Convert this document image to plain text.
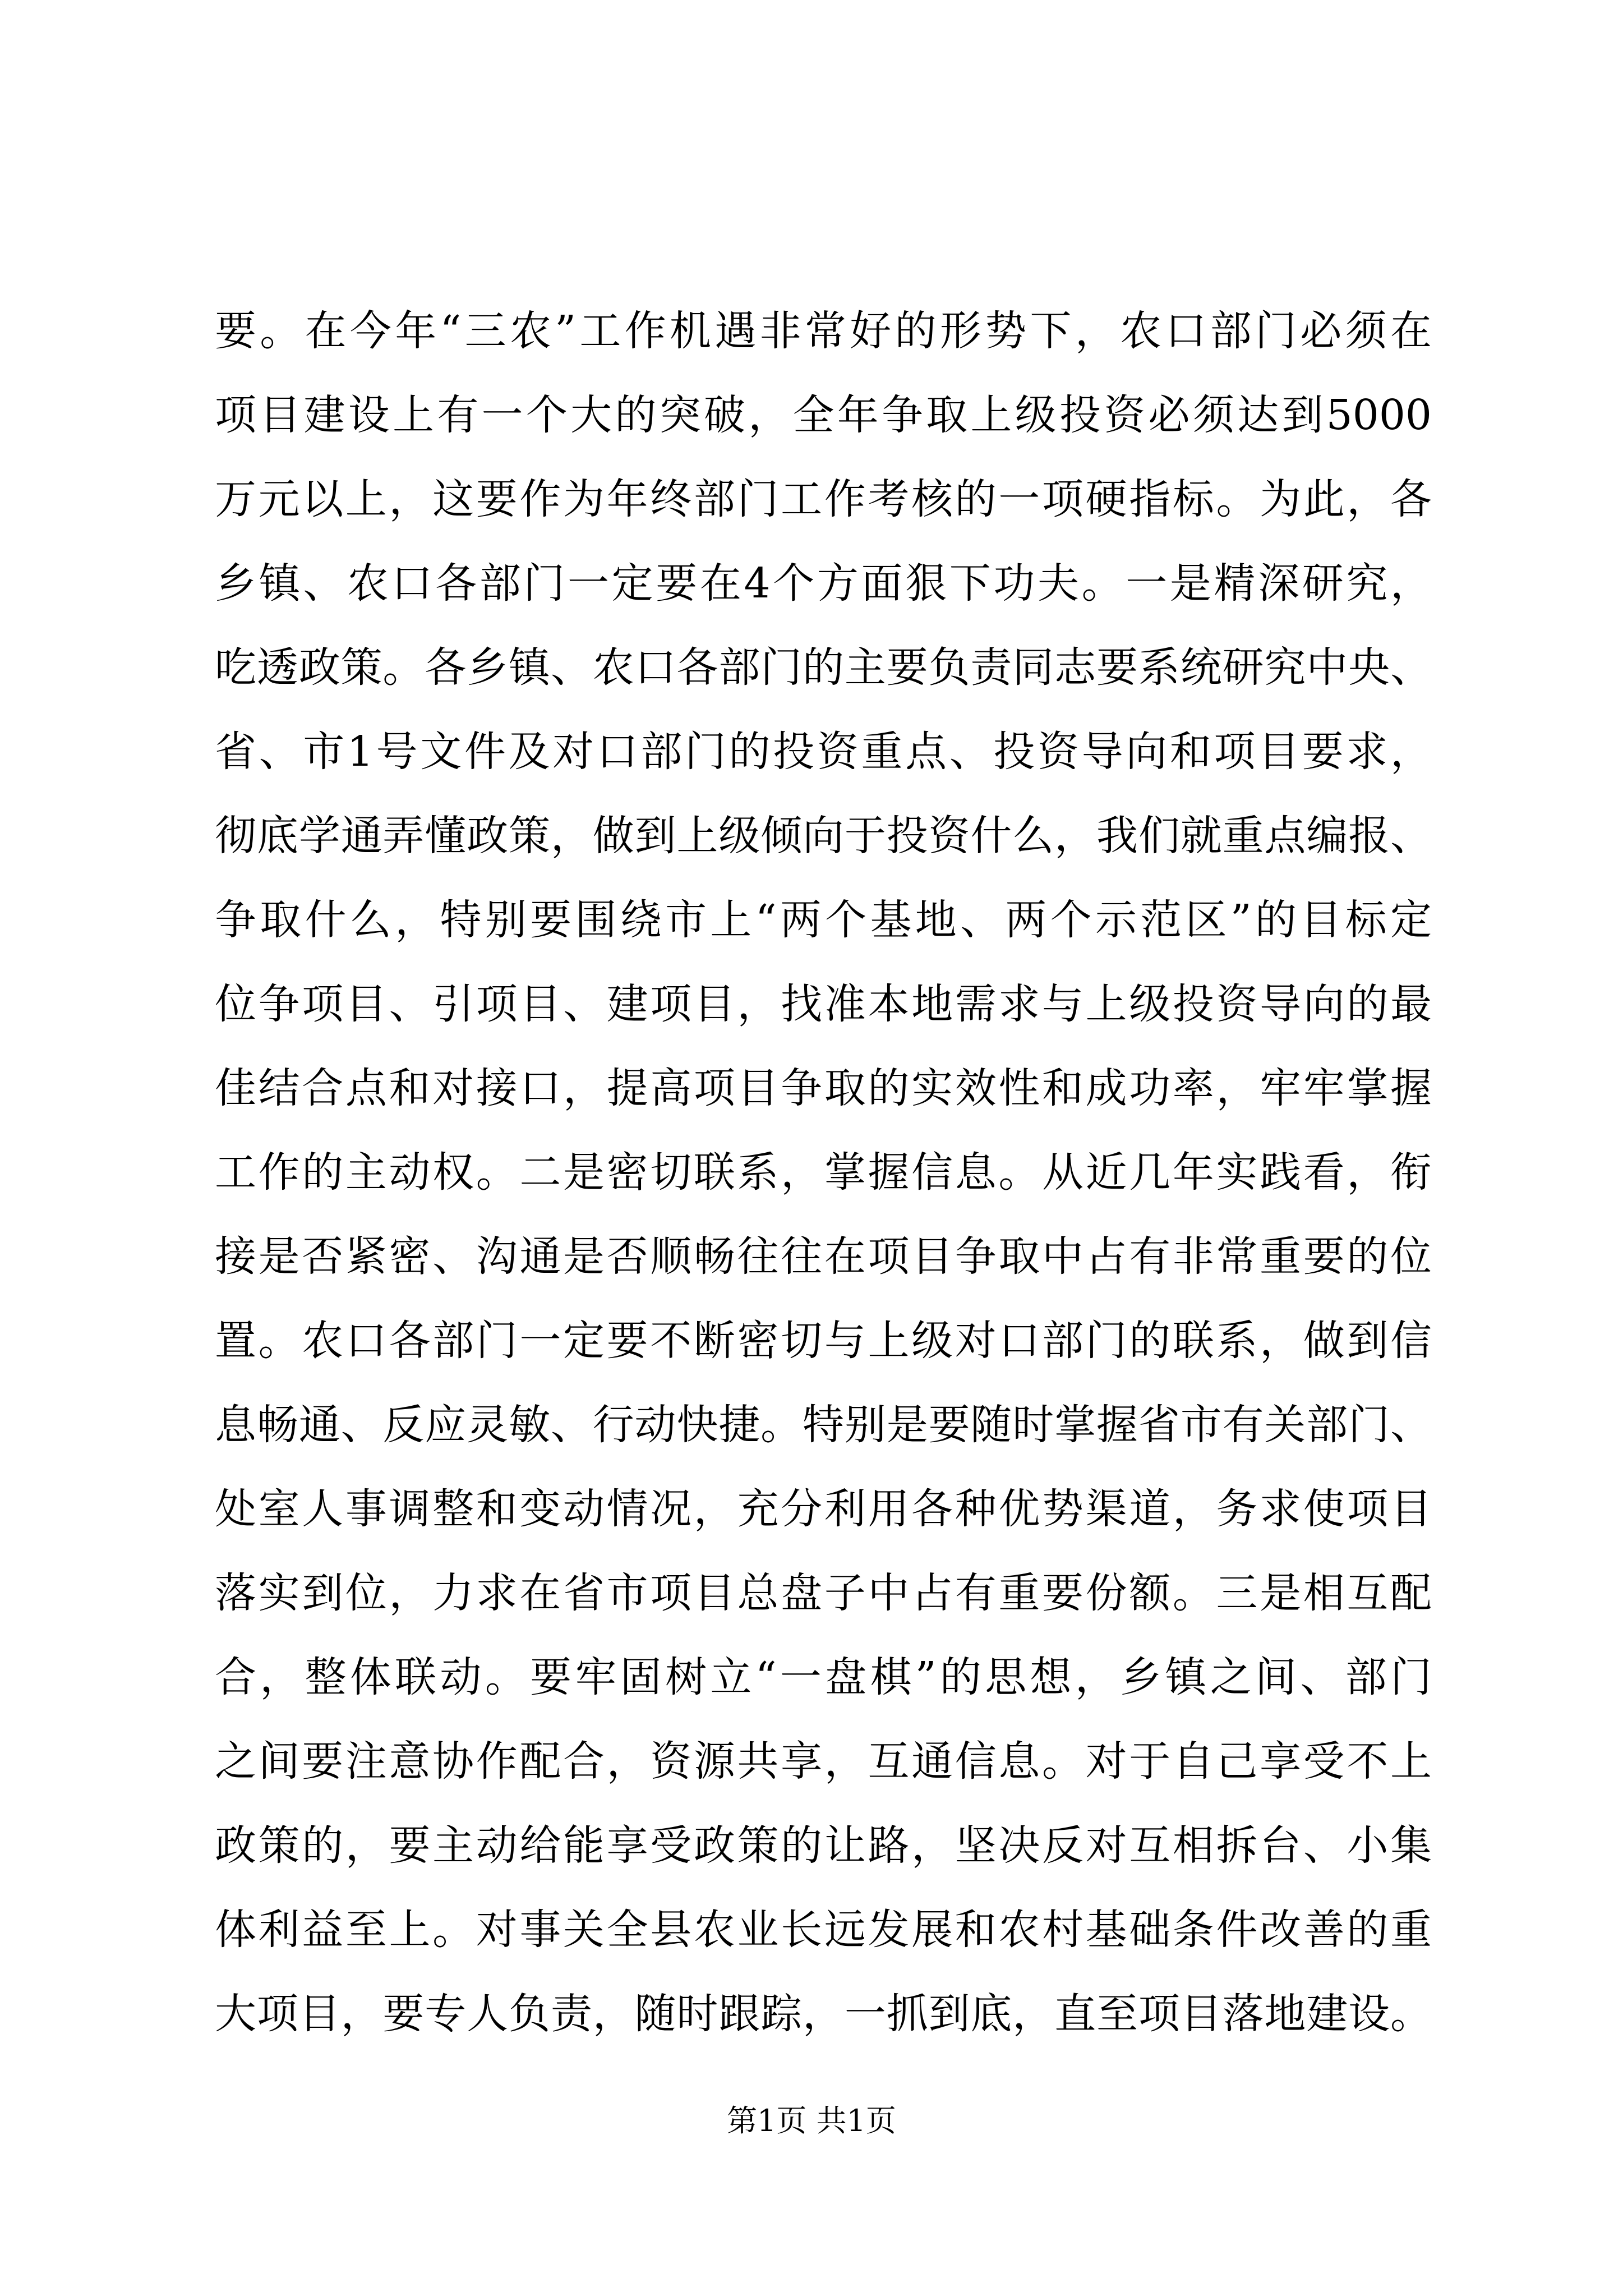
要。在今年“三农”工作机遇非常好的形势下，农口部门必须在
项目建设上有一个大的突破，全年争取上级投资必须达到5000
万元以上，这要作为年终部门工作考核的一项硬指标。为此，各
乡镇、农口各部门一定要在4个方面狠下功夫。一是精深研究，
吃透政策。各乡镇、农口各部门的主要负责同志要系统研究中央、
省、市1号文件及对口部门的投资重点、投资导向和项目要求，
彻底学通弄懂政策，做到上级倾向于投资什么，我们就重点编报、
争取什么，特别要围绕市上“两个基地、两个示范区”的目标定
位争项目、引项目、建项目，找准本地需求与上级投资导向的最
佳结合点和对接口，提高项目争取的实效性和成功率，牢牢掌握
工作的主动权。二是密切联系，掌握信息。从近几年实践看，衔
接是否紧密、沟通是否顺畅往往在项目争取中占有非常重要的位
置。农口各部门一定要不断密切与上级对口部门的联系，做到信
息畅通、反应灵敏、行动快捷。特别是要随时掌握省市有关部门、
处室人事调整和变动情况，充分利用各种优势渠道，务求使项目
落实到位，力求在省市项目总盘子中占有重要份额。三是相互配
合，整体联动。要牢固树立“一盘棋”的思想，乡镇之间、部门
之间要注意协作配合，资源共享，互通信息。对于自己享受不上
政策的，要主动给能享受政策的让路，坚决反对互相拆台、小集
体利益至上。对事关全县农业长远发展和农村基础条件改善的重
大项目，要专人负责，随时跟踪，一抓到底，直至项目落地建设。
第1页 共1页
